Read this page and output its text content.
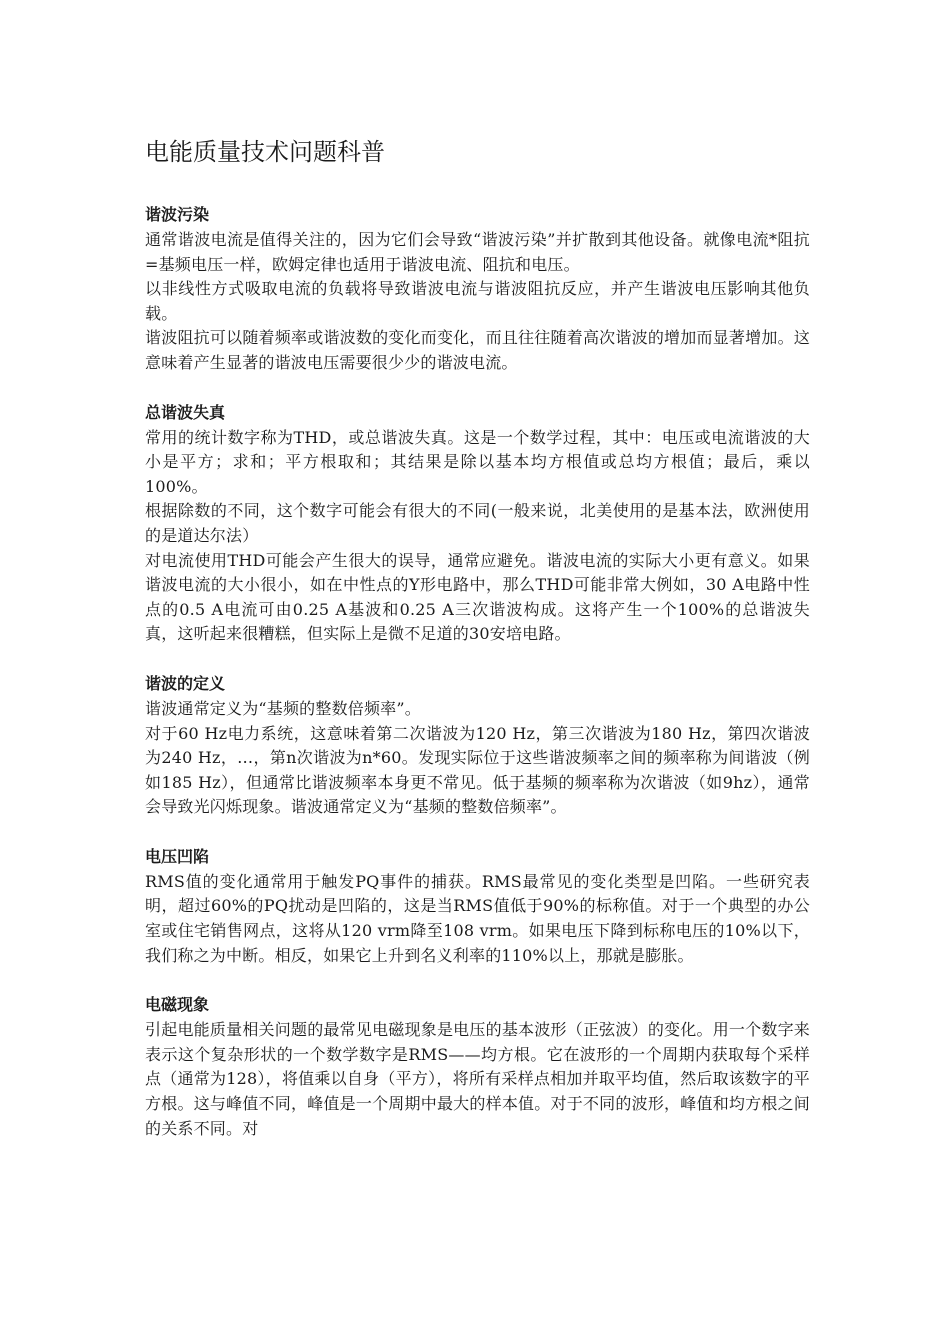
电能质量技术问题科普
谐波污染

通常谐波电流是值得关注的，因为它们会导致“谐波污染”并扩散到其他设备。就像电流*阻抗=基频电压一样，欧姆定律也适用于谐波电流、阻抗和电压。

以非线性方式吸取电流的负载将导致谐波电流与谐波阻抗反应，并产生谐波电压影响其他负载。

谐波阻抗可以随着频率或谐波数的变化而变化，而且往往随着高次谐波的增加而显著增加。这意味着产生显著的谐波电压需要很少少的谐波电流。

总谐波失真

常用的统计数字称为THD，或总谐波失真。这是一个数学过程，其中：电压或电流谐波的大小是平方；求和；平方根取和；其结果是除以基本均方根值或总均方根值；最后，乘以100%。

根据除数的不同，这个数字可能会有很大的不同(一般来说，北美使用的是基本法，欧洲使用的是道达尔法）

对电流使用THD可能会产生很大的误导，通常应避免。谐波电流的实际大小更有意义。如果谐波电流的大小很小，如在中性点的Y形电路中，那么THD可能非常大例如，30 A电路中性点的0.5 A电流可由0.25 A基波和0.25 A三次谐波构成。这将产生一个100%的总谐波失真，这听起来很糟糕，但实际上是微不足道的30安培电路。

谐波的定义

谐波通常定义为“基频的整数倍频率”。

对于60 Hz电力系统，这意味着第二次谐波为120 Hz，第三次谐波为180 Hz，第四次谐波为240 Hz，…，第n次谐波为n*60。发现实际位于这些谐波频率之间的频率称为间谐波（例如185 Hz），但通常比谐波频率本身更不常见。低于基频的频率称为次谐波（如9hz），通常会导致光闪烁现象。谐波通常定义为“基频的整数倍频率”。

电压凹陷

RMS值的变化通常用于触发PQ事件的捕获。RMS最常见的变化类型是凹陷。一些研究表明，超过60%的PQ扰动是凹陷的，这是当RMS值低于90%的标称值。对于一个典型的办公室或住宅销售网点，这将从120 vrm降至108 vrm。如果电压下降到标称电压的10%以下，我们称之为中断。相反，如果它上升到名义利率的110%以上，那就是膨胀。

电磁现象

引起电能质量相关问题的最常见电磁现象是电压的基本波形（正弦波）的变化。用一个数字来表示这个复杂形状的一个数学数字是RMS——均方根。它在波形的一个周期内获取每个采样点（通常为128），将值乘以自身（平方），将所有采样点相加并取平均值，然后取该数字的平方根。这与峰值不同，峰值是一个周期中最大的样本值。对于不同的波形，峰值和均方根之间的关系不同。对
